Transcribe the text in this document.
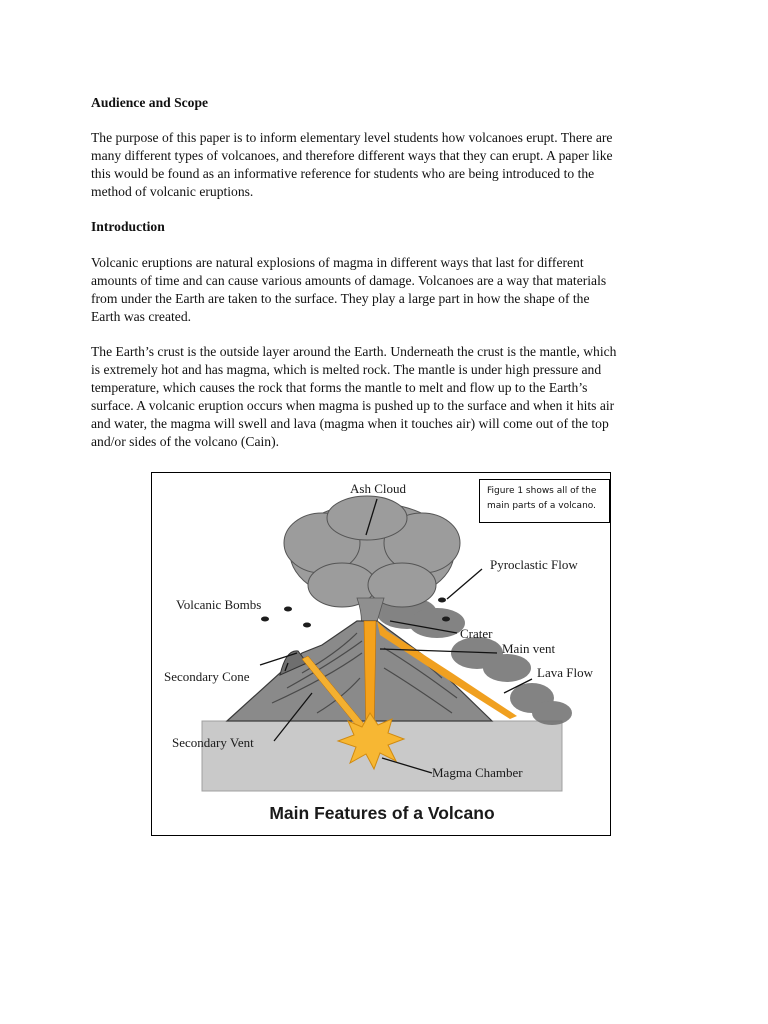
Audience and Scope

The purpose of this paper is to inform elementary level students how volcanoes erupt. There are
many different types of volcanoes, and therefore different ways that they can erupt. A paper like
this would be found as an informative reference for students who are being introduced to the
method of volcanic eruptions.

Introduction

Volcanic eruptions are natural explosions of magma in different ways that last for different
amounts of time and can cause various amounts of damage. Volcanoes are a way that materials
from under the Earth are taken to the surface. They play a large part in how the shape of the
Earth was created.

The Earth’s crust is the outside layer around the Earth. Underneath the crust is the mantle, which
is extremely hot and has magma, which is melted rock. The mantle is under high pressure and
temperature, which causes the rock that forms the mantle to melt and flow up to the Earth’s
surface. A volcanic eruption occurs when magma is pushed up to the surface and when it hits air
and water, the magma will swell and lava (magma when it touches air) will come out of the top
and/or sides of the volcano (Cain).

Figure 1 shows all of the
main parts of a volcano.
Ash Cloud
Pyroclastic Flow
Volcanic Bombs
Crater
Main vent
Secondary Cone	Lava Flow
Secondary Vent
Magma Chamber
Main Features of a Volcano
